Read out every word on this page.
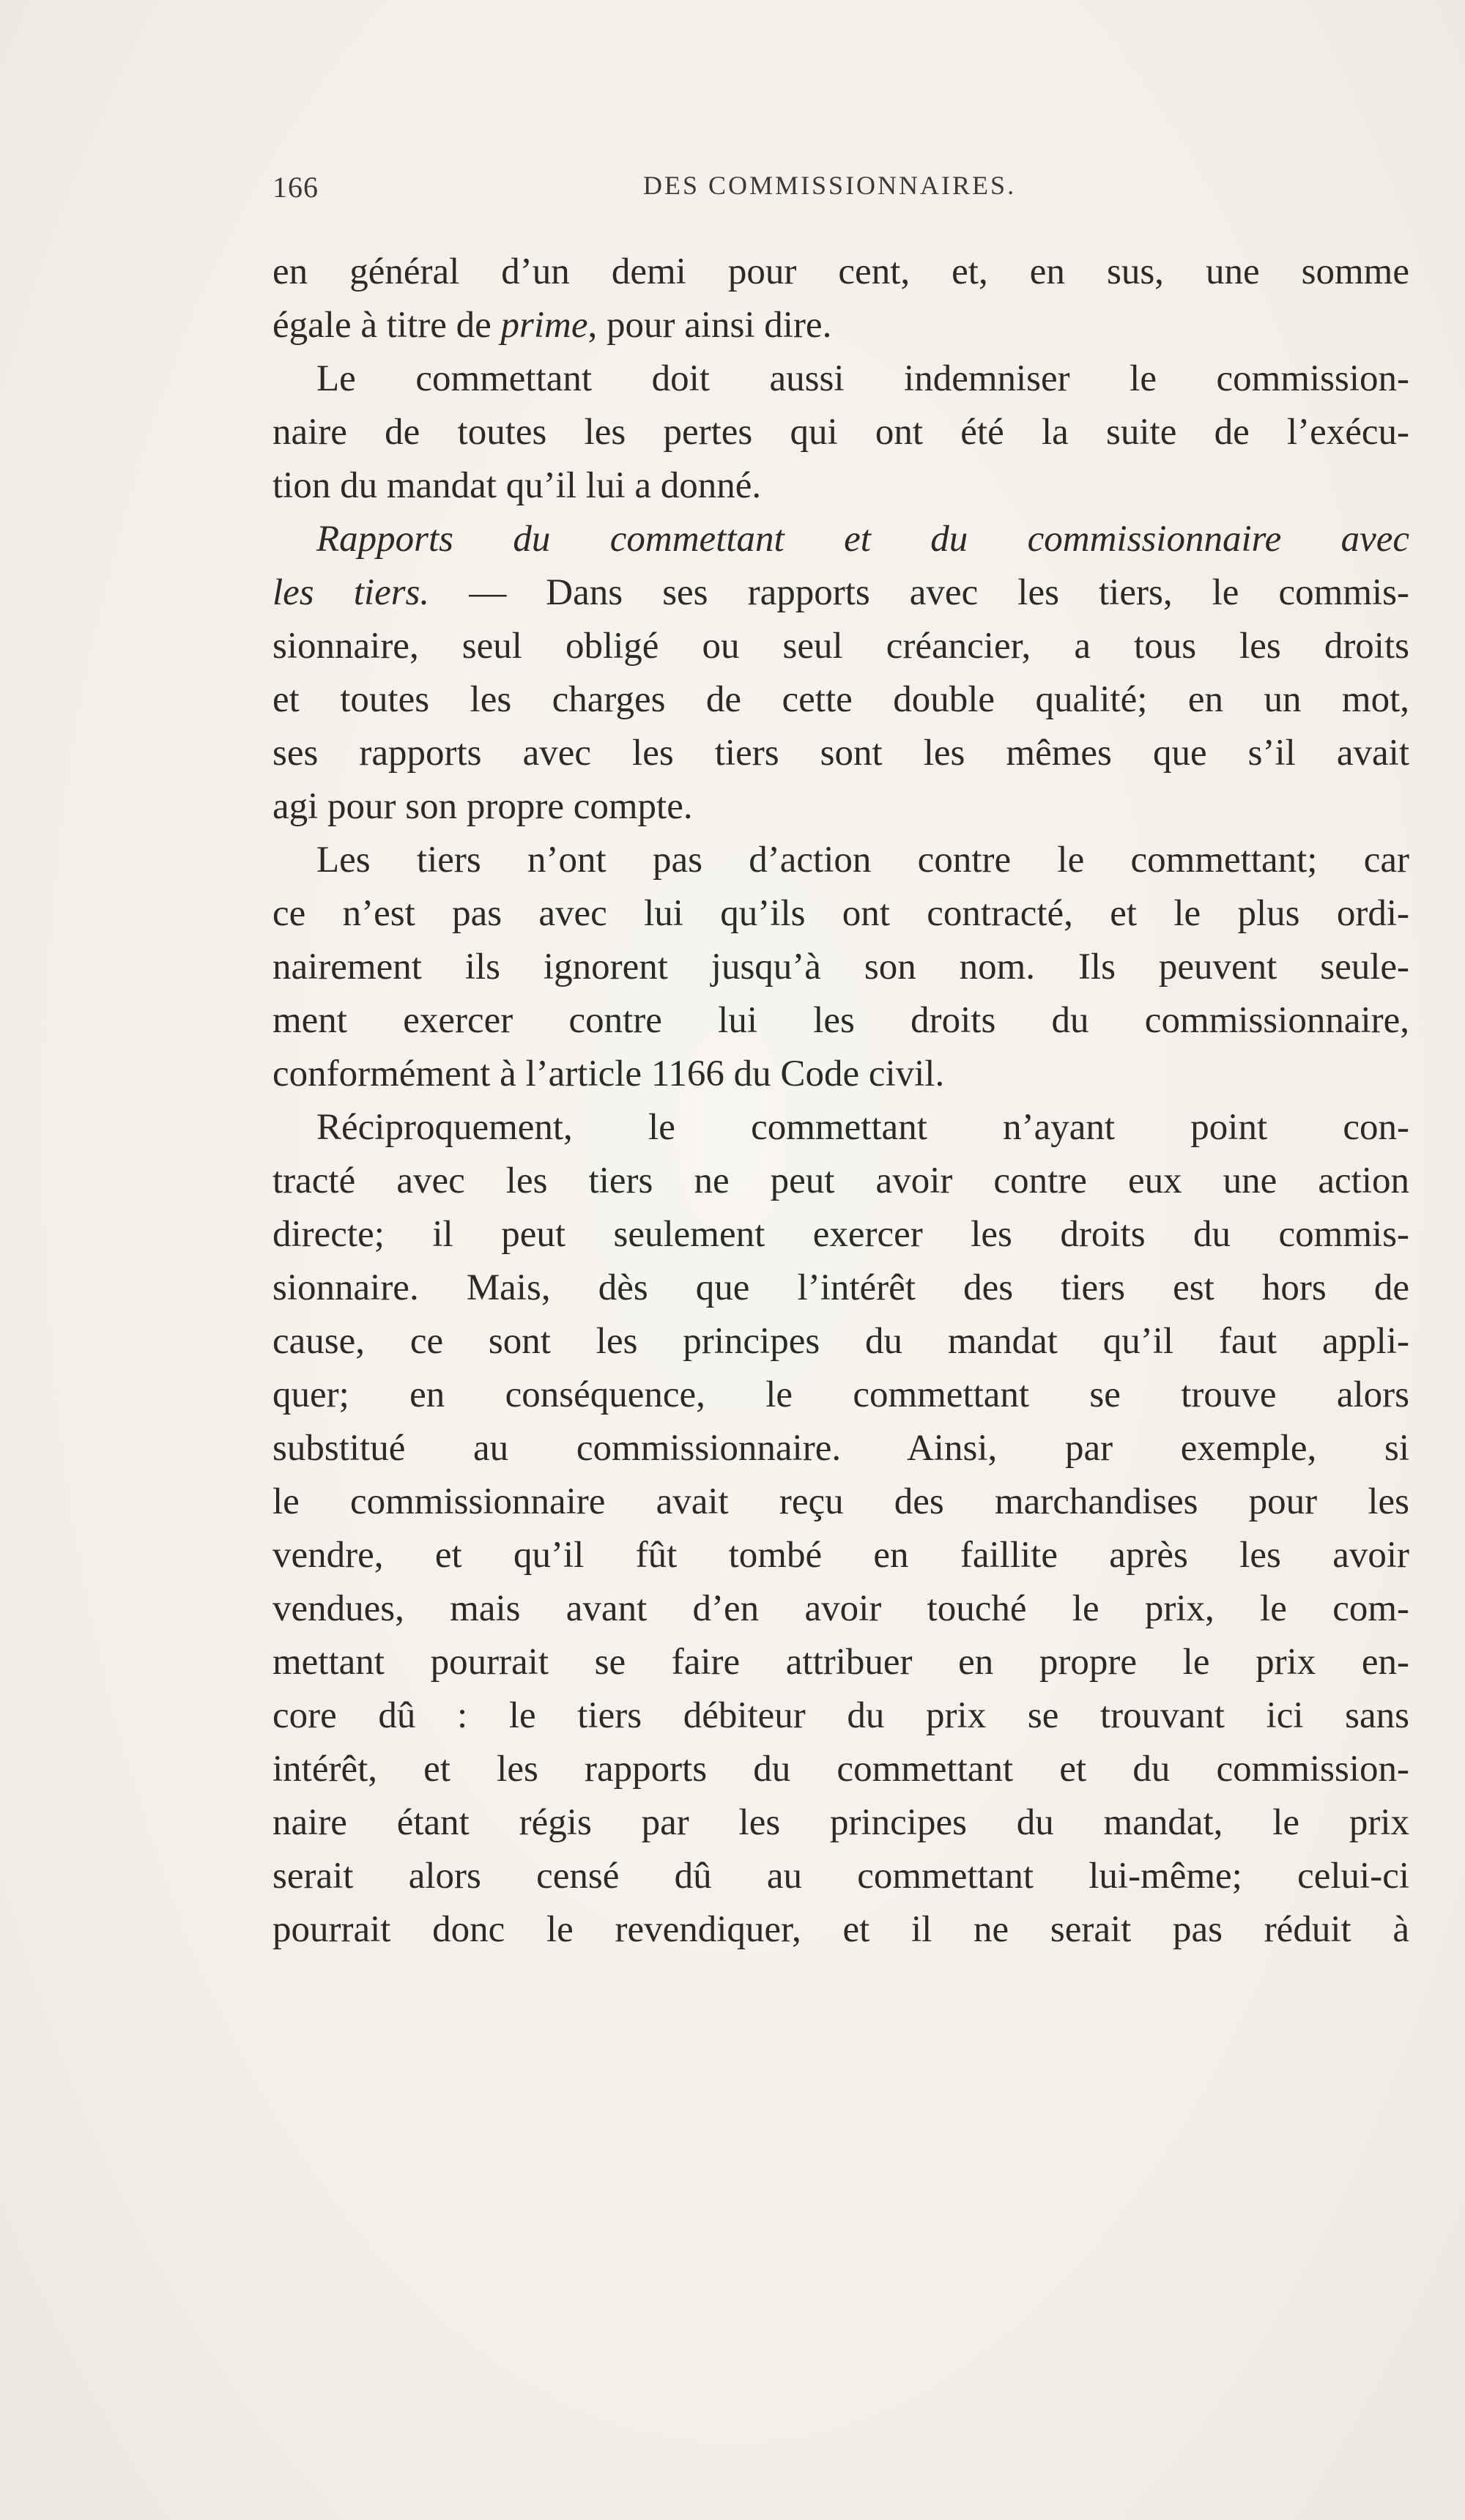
166	DES COMMISSIONNAIRES.
en général d’un demi pour cent, et, en sus, une somme
égale à titre de prime, pour ainsi dire.
Le commettant doit aussi indemniser le commission-
naire de toutes les pertes qui ont été la suite de l’exécu-
tion du mandat qu’il lui a donné.
Rapports du commettant et du commissionnaire avec
les tiers. — Dans ses rapports avec les tiers, le commis-
sionnaire, seul obligé ou seul créancier, a tous les droits
et toutes les charges de cette double qualité; en un mot,
ses rapports avec les tiers sont les mêmes que s’il avait
agi pour son propre compte.
Les tiers n’ont pas d’action contre le commettant; car
ce n’est pas avec lui qu’ils ont contracté, et le plus ordi-
nairement ils ignorent jusqu’à son nom. Ils peuvent seule-
ment exercer contre lui les droits du commissionnaire,
conformément à l’article 1166 du Code civil.
Réciproquement, le commettant n’ayant point con-
tracté avec les tiers ne peut avoir contre eux une action
directe; il peut seulement exercer les droits du commis-
sionnaire. Mais, dès que l’intérêt des tiers est hors de
cause, ce sont les principes du mandat qu’il faut appli-
quer; en conséquence, le commettant se trouve alors
substitué au commissionnaire. Ainsi, par exemple, si
le commissionnaire avait reçu des marchandises pour les
vendre, et qu’il fût tombé en faillite après les avoir
vendues, mais avant d’en avoir touché le prix, le com-
mettant pourrait se faire attribuer en propre le prix en-
core dû : le tiers débiteur du prix se trouvant ici sans
intérêt, et les rapports du commettant et du commission-
naire étant régis par les principes du mandat, le prix
serait alors censé dû au commettant lui-même; celui-ci
pourrait donc le revendiquer, et il ne serait pas réduit à
